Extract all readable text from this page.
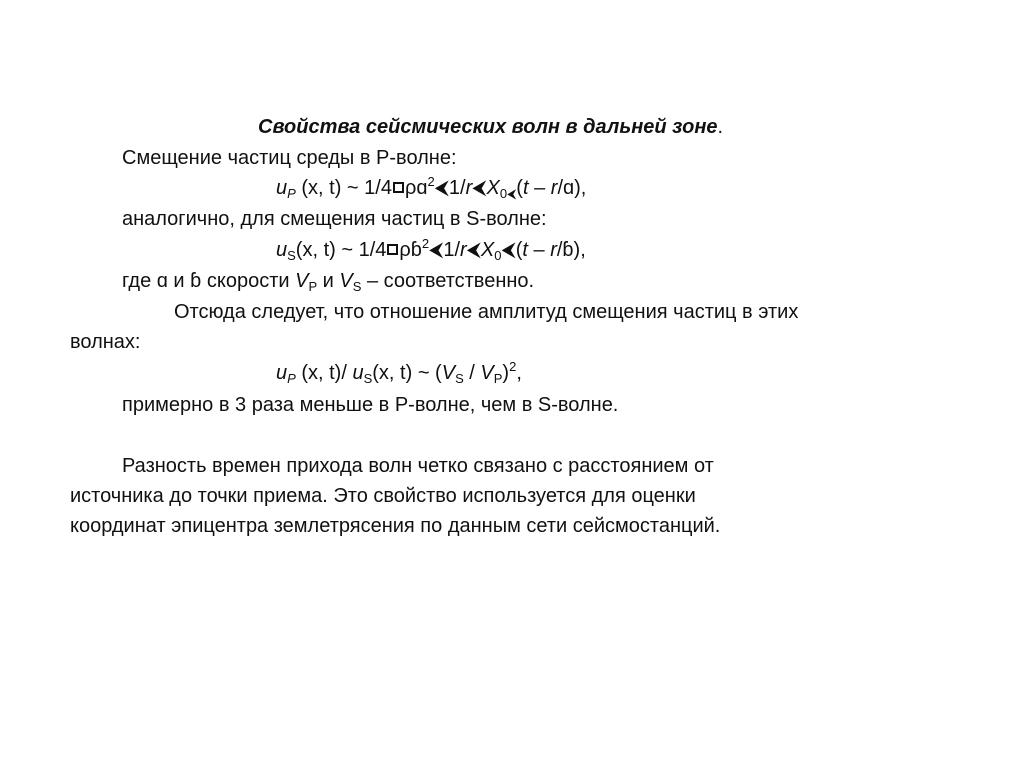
Свойства сейсмических волн в дальней зоне.
Смещение частиц среды в P-волне:
$u_P$ (x, t) ~ 1/4 $\rho ɑ^2⮜1/r⮜X_{0⮜}(t$ – r/ɑ),
аналогично, для смещения частиц в S-волне:
$u_S(x$, t) ~ 1/4 $\rho ɓ^2⮜1/r⮜X_0⮜(t$ – r/ɓ),
где ɑ и ɓ скорости $V_P$ и $V_S$ – соответственно.
Отсюда следует, что отношение амплитуд смещения частиц в этих
волнах:
$u_P$ (x, t)/ $u_S(x$, t) ~ $(V_S / V_P)^2$,
примерно в 3 раза меньше в P-волне, чем в S-волне.
Разность времен прихода волн четко связано с расстоянием от
источника до точки приема. Это свойство используется для оценки
координат эпицентра землетрясения по данным сети сейсмостанций.
